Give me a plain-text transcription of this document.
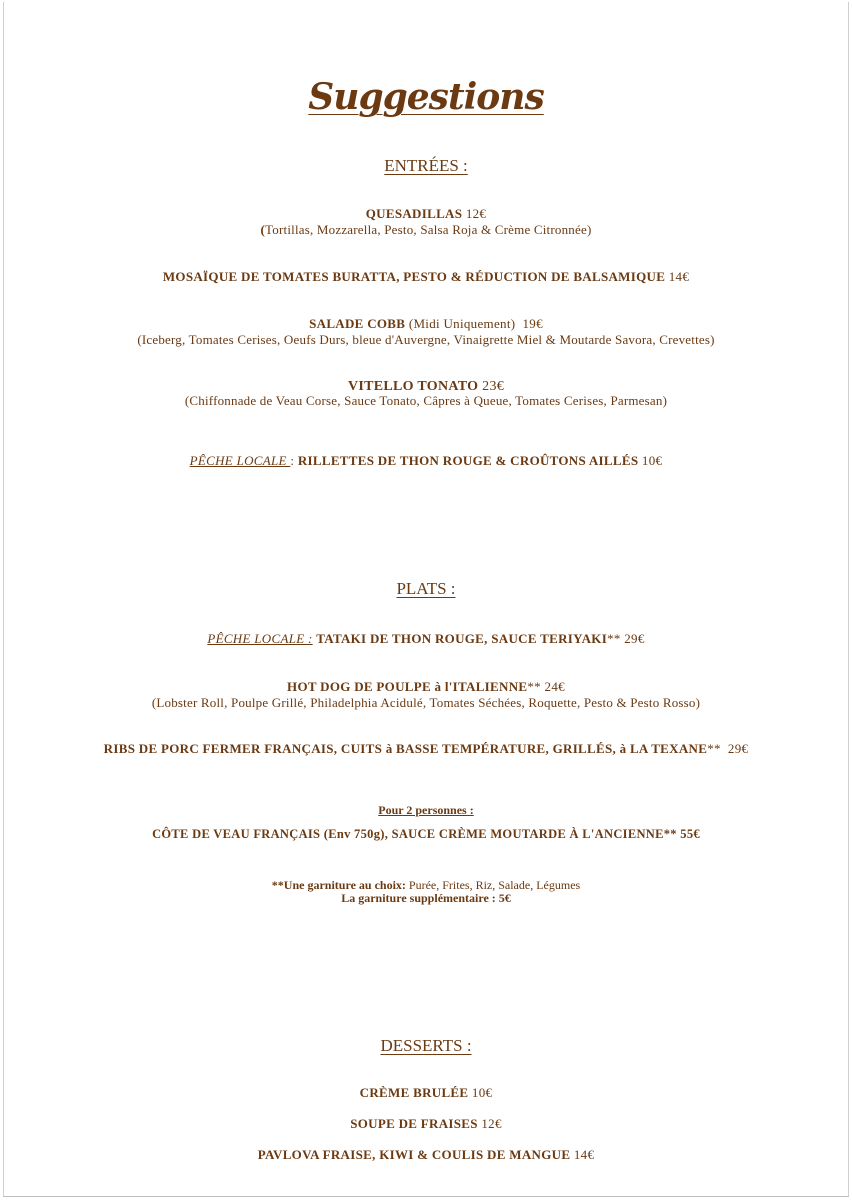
Suggestions
ENTRÉES :
QUESADILLAS 12€
(Tortillas, Mozzarella, Pesto, Salsa Roja & Crème Citronnée)
MOSAÏQUE DE TOMATES BURATTA, PESTO & RÉDUCTION DE BALSAMIQUE 14€
SALADE COBB (Midi Uniquement) 19€
(Iceberg, Tomates Cerises, Oeufs Durs, bleue d'Auvergne, Vinaigrette Miel & Moutarde Savora, Crevettes)
VITELLO TONATO 23€
(Chiffonnade de Veau Corse, Sauce Tonato, Câpres à Queue, Tomates Cerises, Parmesan)
PÊCHE LOCALE : RILLETTES DE THON ROUGE & CROÛTONS AILLÉS 10€
PLATS :
PÊCHE LOCALE : TATAKI DE THON ROUGE, SAUCE TERIYAKI** 29€
HOT DOG DE POULPE à l'ITALIENNE** 24€
(Lobster Roll, Poulpe Grillé, Philadelphia Acidulé, Tomates Séchées, Roquette, Pesto & Pesto Rosso)
RIBS DE PORC FERMER FRANÇAIS, CUITS à BASSE TEMPÉRATURE, GRILLÉS, à LA TEXANE** 29€
Pour 2 personnes :
CÔTE DE VEAU FRANÇAIS (Env 750g), SAUCE CRÈME MOUTARDE À L'ANCIENNE** 55€
**Une garniture au choix: Purée, Frites, Riz, Salade, Légumes
La garniture supplémentaire : 5€
DESSERTS :
CRÈME BRULÉE 10€
SOUPE DE FRAISES 12€
PAVLOVA FRAISE, KIWI & COULIS DE MANGUE 14€
